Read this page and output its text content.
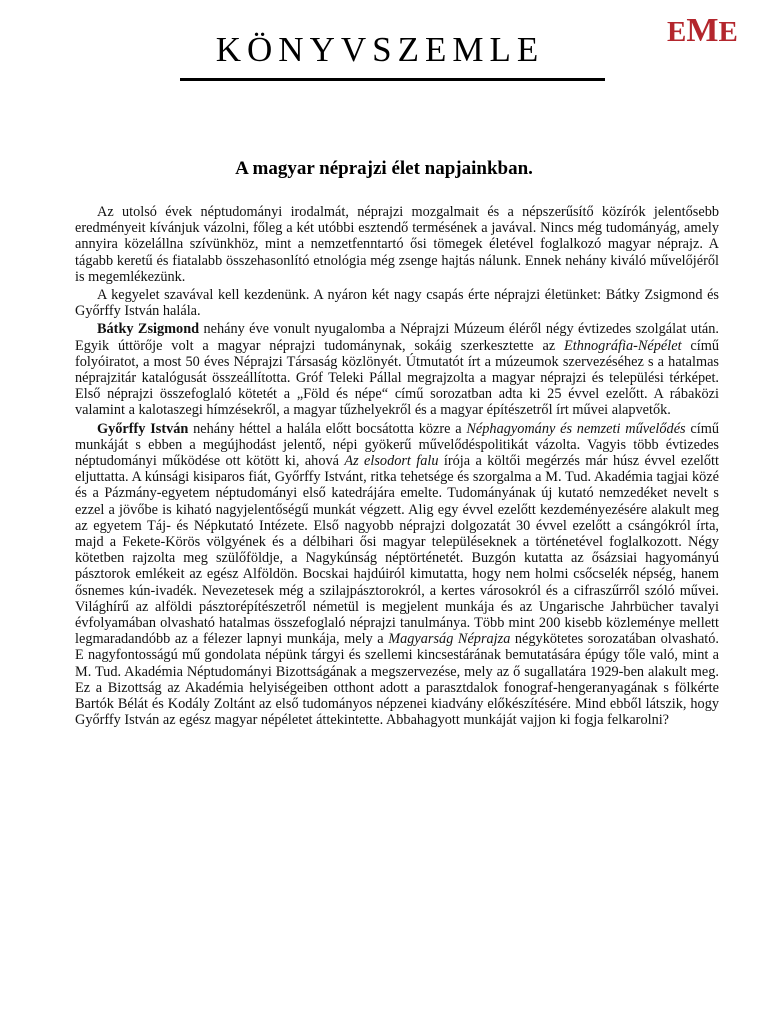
EME
KÖNYVSZEMLE
A magyar néprajzi élet napjainkban.

Az utolsó évek néptudományi irodalmát, néprajzi mozgalmait és a népszerűsítő közírók jelentősebb eredményeit kívánjuk vázolni, főleg a két utóbbi esztendő termésének a javával. Nincs még tudományág, amely annyira közelállna szívünkhöz, mint a nemzetfenntartó ősi tömegek életével foglalkozó magyar néprajz. A tágabb keretű és fiatalabb összehasonlító etnológia még zsenge hajtás nálunk. Ennek nehány kiváló művelőjéről is megemlékezünk.

A kegyelet szavával kell kezdenünk. A nyáron két nagy csapás érte néprajzi életünket: Bátky Zsigmond és Győrffy István halála.

Bátky Zsigmond nehány éve vonult nyugalomba a Néprajzi Múzeum éléről négy évtizedes szolgálat után. Egyik úttörője volt a magyar néprajzi tudománynak, sokáig szerkesztette az Ethnográfia-Népélet című folyóiratot, a most 50 éves Néprajzi Társaság közlönyét. Útmutatót írt a múzeumok szervezéséhez s a hatalmas néprajzitár katalógusát összeállította. Gróf Teleki Pállal megrajzolta a magyar néprajzi és települési térképet. Első néprajzi összefoglaló kötetét a „Föld és népe“ című sorozatban adta ki 25 évvel ezelőtt. A rábaközi valamint a kalotaszegi hímzésekről, a magyar tűzhelyekről és a magyar építészetről írt művei alapvetők.

Győrffy István nehány héttel a halála előtt bocsátotta közre a Néphagyomány és nemzeti művelődés című munkáját s ebben a megújhodást jelentő, népi gyökerű művelődéspolitikát vázolta. Vagyis több évtizedes néptudományi működése ott kötött ki, ahová Az elsodort falu írója a költői megérzés már húsz évvel ezelőtt eljuttatta. A kúnsági kisiparos fiát, Győrffy Istvánt, ritka tehetsége és szorgalma a M. Tud. Akadémia tagjai közé és a Pázmány-egyetem néptudományi első katedrájára emelte. Tudományának új kutató nemzedéket nevelt s ezzel a jövőbe is kiható nagyjelentőségű munkát végzett. Alig egy évvel ezelőtt kezdeményezésére alakult meg az egyetem Táj- és Népkutató Intézete. Első nagyobb néprajzi dolgozatát 30 évvel ezelőtt a csángókról írta, majd a Fekete-Körös völgyének és a délbihari ősi magyar településeknek a történetével foglalkozott. Négy kötetben rajzolta meg szülőföldje, a Nagykúnság néptörténetét. Buzgón kutatta az ősázsiai hagyományú pásztorok emlékeit az egész Alföldön. Bocskai hajdúiról kimutatta, hogy nem holmi csőcselék népség, hanem ősnemes kún-ivadék. Nevezetesek még a szilajpásztorokról, a kertes városokról és a cifraszűrről szóló művei. Világhírű az alföldi pásztorépítészetről németül is megjelent munkája és az Ungarische Jahrbücher tavalyi évfolyamában olvasható hatalmas összefoglaló néprajzi tanulmánya. Több mint 200 kisebb közleménye mellett legmaradandóbb az a félezer lapnyi munkája, mely a Magyarság Néprajza négykötetes sorozatában olvasható. E nagyfontosságú mű gondolata népünk tárgyi és szellemi kincsestárának bemutatására épúgy tőle való, mint a M. Tud. Akadémia Néptudományi Bizottságának a megszervezése, mely az ő sugallatára 1929-ben alakult meg. Ez a Bizottság az Akadémia helyiségeiben otthont adott a parasztdalok fonograf-hengeranyagának s fölkérte Bartók Bélát és Kodály Zoltánt az első tudományos népzenei kiadvány előkészítésére. Mind ebből látszik, hogy Győrffy István az egész magyar népéletet áttekintette. Abbahagyott munkáját vajjon ki fogja felkarolni?
